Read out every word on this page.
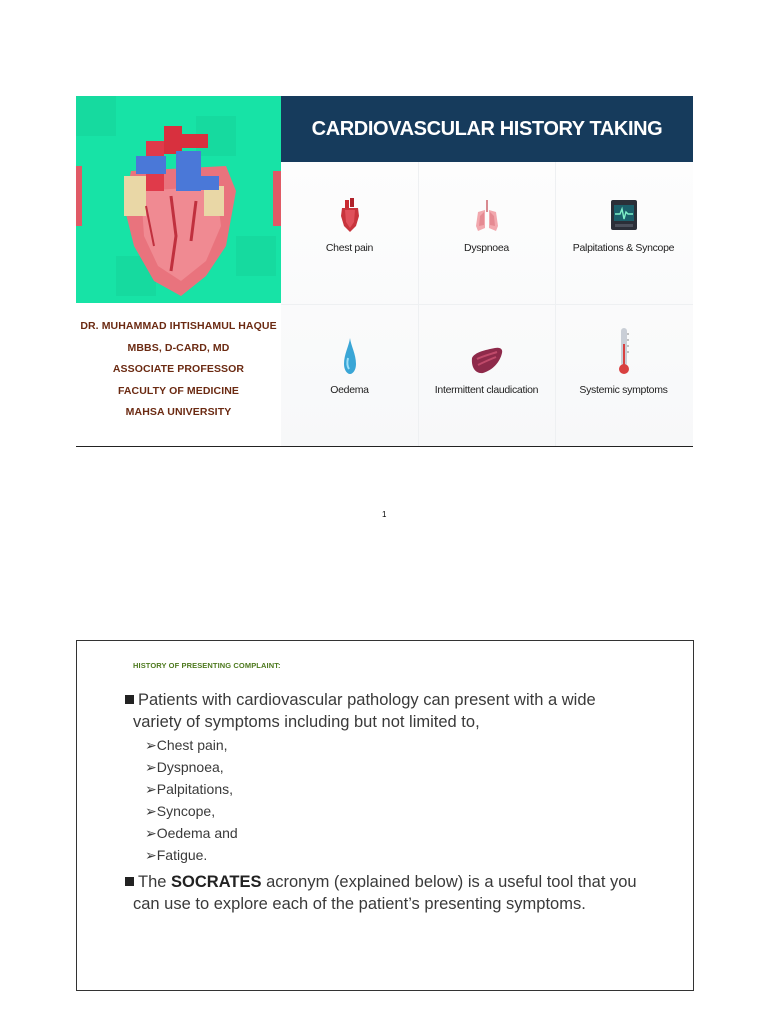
DR. MUHAMMAD IHTISHAMUL HAQUE
MBBS, D-CARD, MD
ASSOCIATE PROFESSOR
FACULTY OF MEDICINE
MAHSA UNIVERSITY
CARDIOVASCULAR HISTORY TAKING
Chest pain	Dyspnoea	Palpitations & Syncope
Oedema	Intermittent claudication	Systemic symptoms
1
HISTORY OF PRESENTING COMPLAINT:
Patients with cardiovascular pathology can present with a wide
variety of symptoms including but not limited to,
➢Chest pain,
➢Dyspnoea,
➢Palpitations,
➢Syncope,
➢Oedema and
➢Fatigue.
The SOCRATES acronym (explained below) is a useful tool that you
can use to explore each of the patient’s presenting symptoms.
